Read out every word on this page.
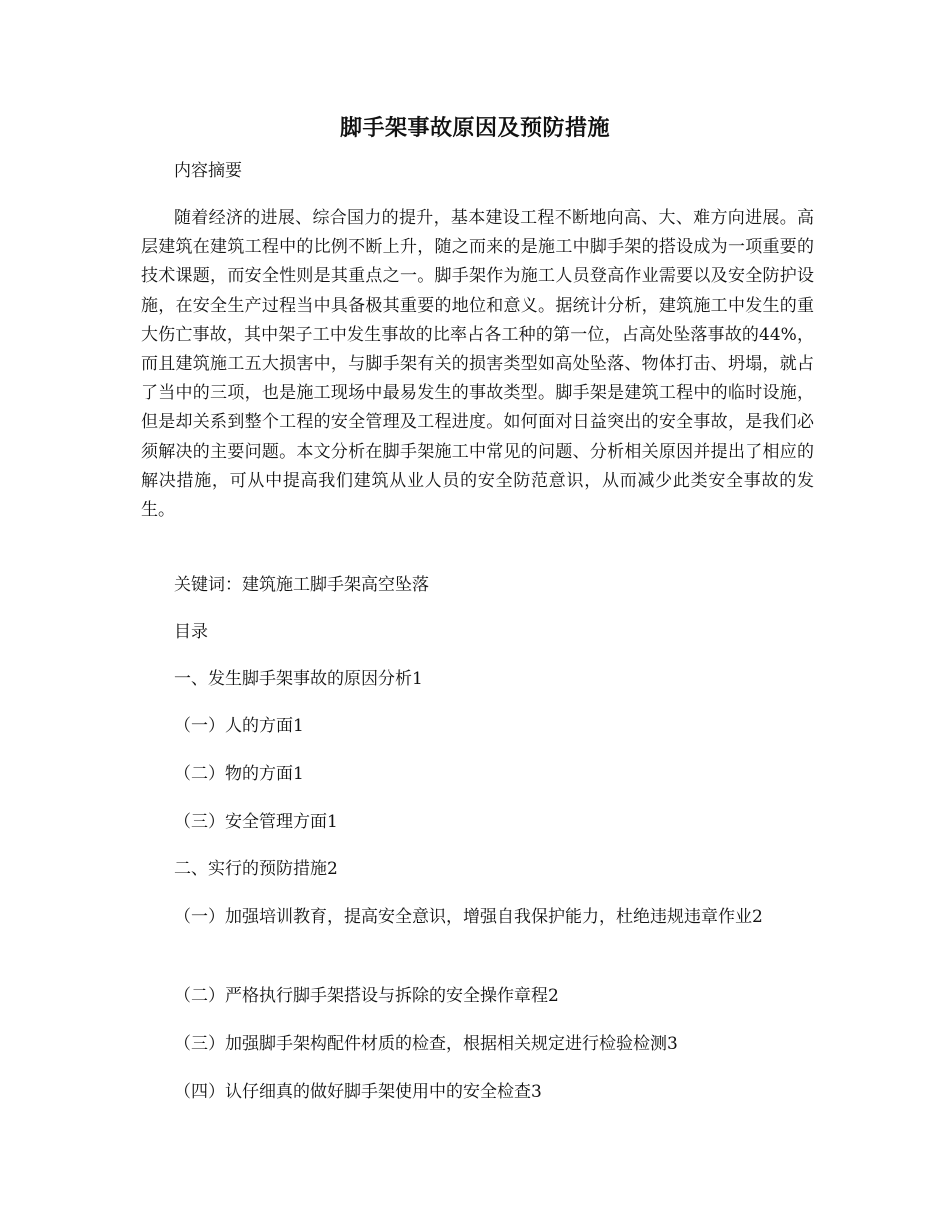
脚手架事故原因及预防措施
内容摘要
随着经济的进展、综合国力的提升，基本建设工程不断地向高、大、难方向进展。高层建筑在建筑工程中的比例不断上升，随之而来的是施工中脚手架的搭设成为一项重要的技术课题，而安全性则是其重点之一。脚手架作为施工人员登高作业需要以及安全防护设施，在安全生产过程当中具备极其重要的地位和意义。据统计分析，建筑施工中发生的重大伤亡事故，其中架子工中发生事故的比率占各工种的第一位，占高处坠落事故的44%，而且建筑施工五大损害中，与脚手架有关的损害类型如高处坠落、物体打击、坍塌，就占了当中的三项，也是施工现场中最易发生的事故类型。脚手架是建筑工程中的临时设施，但是却关系到整个工程的安全管理及工程进度。如何面对日益突出的安全事故，是我们必须解决的主要问题。本文分析在脚手架施工中常见的问题、分析相关原因并提出了相应的解决措施，可从中提高我们建筑从业人员的安全防范意识，从而减少此类安全事故的发生。
关键词：建筑施工脚手架高空坠落
目录
一、发生脚手架事故的原因分析1
（一）人的方面1
（二）物的方面1
（三）安全管理方面1
二、实行的预防措施2
（一）加强培训教育，提高安全意识，增强自我保护能力，杜绝违规违章作业2
（二）严格执行脚手架搭设与拆除的安全操作章程2
（三）加强脚手架构配件材质的检查，根据相关规定进行检验检测3
（四）认仔细真的做好脚手架使用中的安全检查3
